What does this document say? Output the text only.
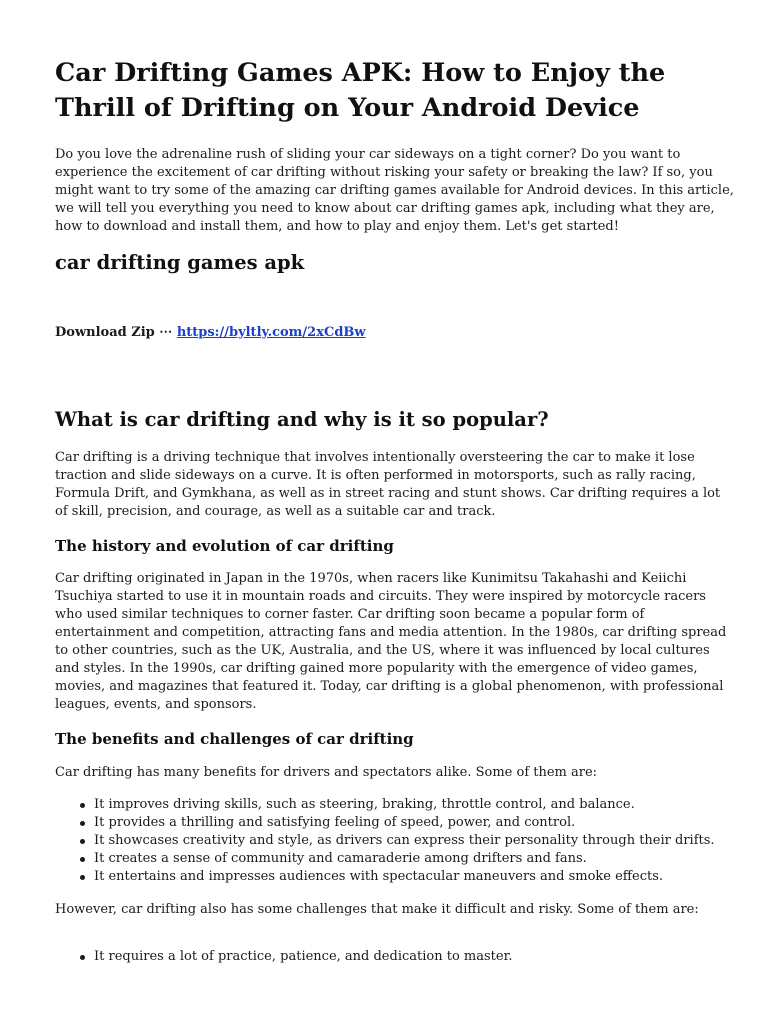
Car Drifting Games APK: How to Enjoy the Thrill of Drifting on Your Android Device

Do you love the adrenaline rush of sliding your car sideways on a tight corner? Do you want to experience the excitement of car drifting without risking your safety or breaking the law? If so, you might want to try some of the amazing car drifting games available for Android devices. In this article, we will tell you everything you need to know about car drifting games apk, including what they are, how to download and install them, and how to play and enjoy them. Let's get started!

car drifting games apk
Download Zip ⋯ https://byltly.com/2xCdBw
What is car drifting and why is it so popular?

Car drifting is a driving technique that involves intentionally oversteering the car to make it lose traction and slide sideways on a curve. It is often performed in motorsports, such as rally racing, Formula Drift, and Gymkhana, as well as in street racing and stunt shows. Car drifting requires a lot of skill, precision, and courage, as well as a suitable car and track.

The history and evolution of car drifting

Car drifting originated in Japan in the 1970s, when racers like Kunimitsu Takahashi and Keiichi Tsuchiya started to use it in mountain roads and circuits. They were inspired by motorcycle racers who used similar techniques to corner faster. Car drifting soon became a popular form of entertainment and competition, attracting fans and media attention. In the 1980s, car drifting spread to other countries, such as the UK, Australia, and the US, where it was influenced by local cultures and styles. In the 1990s, car drifting gained more popularity with the emergence of video games, movies, and magazines that featured it. Today, car drifting is a global phenomenon, with professional leagues, events, and sponsors.

The benefits and challenges of car drifting

Car drifting has many benefits for drivers and spectators alike. Some of them are:

It improves driving skills, such as steering, braking, throttle control, and balance.
It provides a thrilling and satisfying feeling of speed, power, and control.
It showcases creativity and style, as drivers can express their personality through their drifts.
It creates a sense of community and camaraderie among drifters and fans.
It entertains and impresses audiences with spectacular maneuvers and smoke effects.

However, car drifting also has some challenges that make it difficult and risky. Some of them are:

It requires a lot of practice, patience, and dedication to master.
